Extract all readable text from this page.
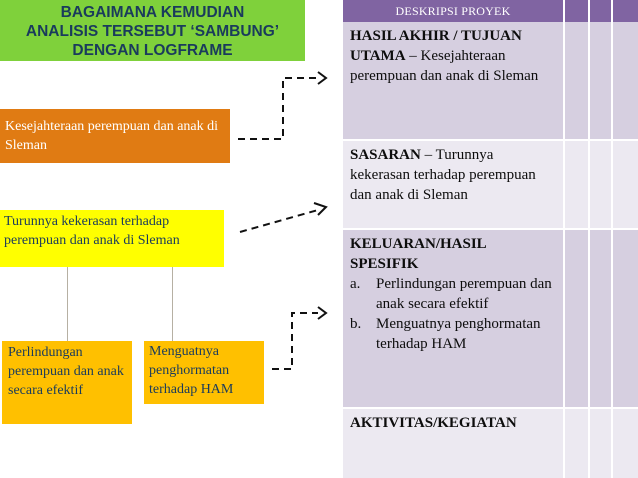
BAGAIMANA KEMUDIAN
ANALISIS TERSEBUT ‘SAMBUNG’
DENGAN LOGFRAME
Kesejahteraan perempuan dan anak di Sleman
Turunnya kekerasan terhadap perempuan dan anak di Sleman
Perlindungan perempuan dan anak secara efektif
Menguatnya penghormatan terhadap HAM
DESKRIPSI PROYEK
HASIL AKHIR / TUJUAN UTAMA – Kesejahteraan perempuan dan anak di Sleman
SASARAN – Turunnya kekerasan terhadap perempuan dan anak di Sleman
KELUARAN/HASIL SPESIFIK
a. Perlindungan perempuan dan anak secara efektif
b. Menguatnya penghormatan terhadap HAM
AKTIVITAS/KEGIATAN
